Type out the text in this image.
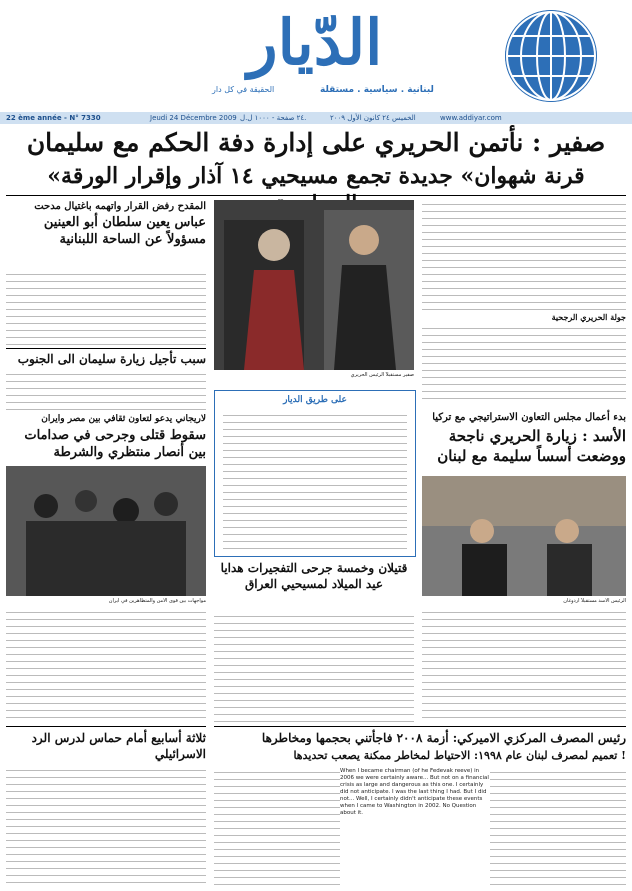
الدّيار
لبنانية . سياسية . مستقلة
الحقيقة في كل دار
22 ème année - N° 7330	Jeudi 24 Décembre 2009 ٢٤ صفحة - ١٠٠٠ ل.ل.	الخميس ٢٤ كانون الأول ٢٠٠٩	www.addiyar.com
صفير : نأتمن الحريري على إدارة دفة الحكم مع سليمان
«قرنة شهوان» جديدة تجمع مسيحيي ١٤ آذار وإقرار الورقة
المقدح رفض القرار واتهمه باغتيال مدحت
عباس يعين سلطان أبو العينين مسؤولاً عن الساحة اللبنانية
صفير مستقبلاً الرئيس الحريري
جولة الحريري الرجحية
سبب تأجيل زيارة سليمان الى الجنوب
لاريجاني يدعو لتعاون ثقافي بين مصر وايران
سقوط قتلى وجرحى في صدامات بين أنصار منتظري والشرطة
مواجهات بين قوى الامن والمتظاهرين في ايران
على طريق الديار
بدء أعمال مجلس التعاون الاستراتيجي مع تركيا
الأسد : زيارة الحريري ناجحة ووضعت أسساً سليمة مع لبنان
الرئيس الأسد مستقبلاً أردوغان
قتيلان وخمسة جرحى التفجيرات هدايا عيد الميلاد لمسيحيي العراق
رئيس المصرف المركزي الاميركي: أزمة ٢٠٠٨ فاجأتني بحجمها ومخاطرها
تعميم لمصرف لبنان عام ١٩٩٨: الاحتياط لمخاطر ممكنة يصعب تحديدها !
When I became chairman (of he Fedevak reeve) in 2006 we were certainly aware... But not on a financial crisis as large and dangerous as this one. I certainly did not anticipate. I was the last thing I had. But I did not... Well, I certainly didn't anticipate these events when I came to Washington in 2002. No Question about it.
ثلاثة أسابيع أمام حماس لدرس الرد الاسرائيلي
